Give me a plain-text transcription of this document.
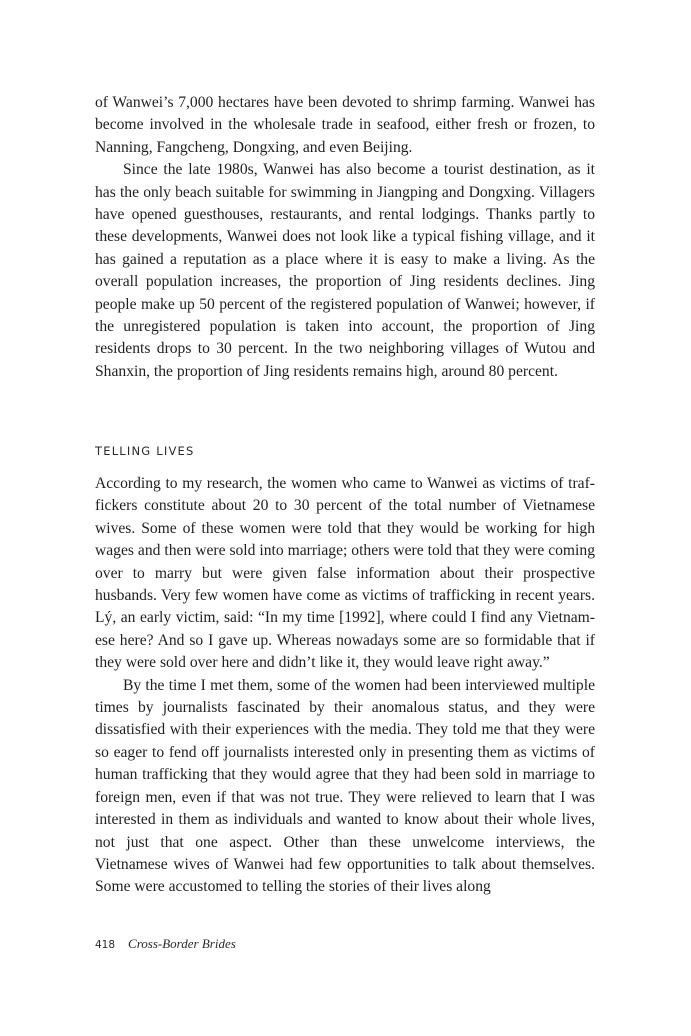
of Wanwei’s 7,000 hectares have been devoted to shrimp farming. Wanwei has become involved in the wholesale trade in seafood, either fresh or frozen, to Nanning, Fangcheng, Dongxing, and even Beijing.

Since the late 1980s, Wanwei has also become a tourist destination, as it has the only beach suitable for swimming in Jiangping and Dongxing. Villagers have opened guesthouses, restaurants, and rental lodgings. Thanks partly to these developments, Wanwei does not look like a typical fishing village, and it has gained a reputation as a place where it is easy to make a living. As the overall population increases, the proportion of Jing residents declines. Jing people make up 50 percent of the registered population of Wanwei; however, if the unregistered population is taken into account, the proportion of Jing residents drops to 30 percent. In the two neighboring villages of Wutou and Shanxin, the proportion of Jing residents remains high, around 80 percent.

TELLING LIVES

According to my research, the women who came to Wanwei as victims of traffickers constitute about 20 to 30 percent of the total number of Vietnamese wives. Some of these women were told that they would be working for high wages and then were sold into marriage; others were told that they were coming over to marry but were given false information about their prospective husbands. Very few women have come as victims of trafficking in recent years. Lý, an early victim, said: “In my time [1992], where could I find any Vietnamese here? And so I gave up. Whereas nowadays some are so formidable that if they were sold over here and didn’t like it, they would leave right away.”

By the time I met them, some of the women had been interviewed multiple times by journalists fascinated by their anomalous status, and they were dissatisfied with their experiences with the media. They told me that they were so eager to fend off journalists interested only in presenting them as victims of human trafficking that they would agree that they had been sold in marriage to foreign men, even if that was not true. They were relieved to learn that I was interested in them as individuals and wanted to know about their whole lives, not just that one aspect. Other than these unwelcome interviews, the Vietnamese wives of Wanwei had few opportunities to talk about themselves. Some were accustomed to telling the stories of their lives along

418 Cross-Border Brides
